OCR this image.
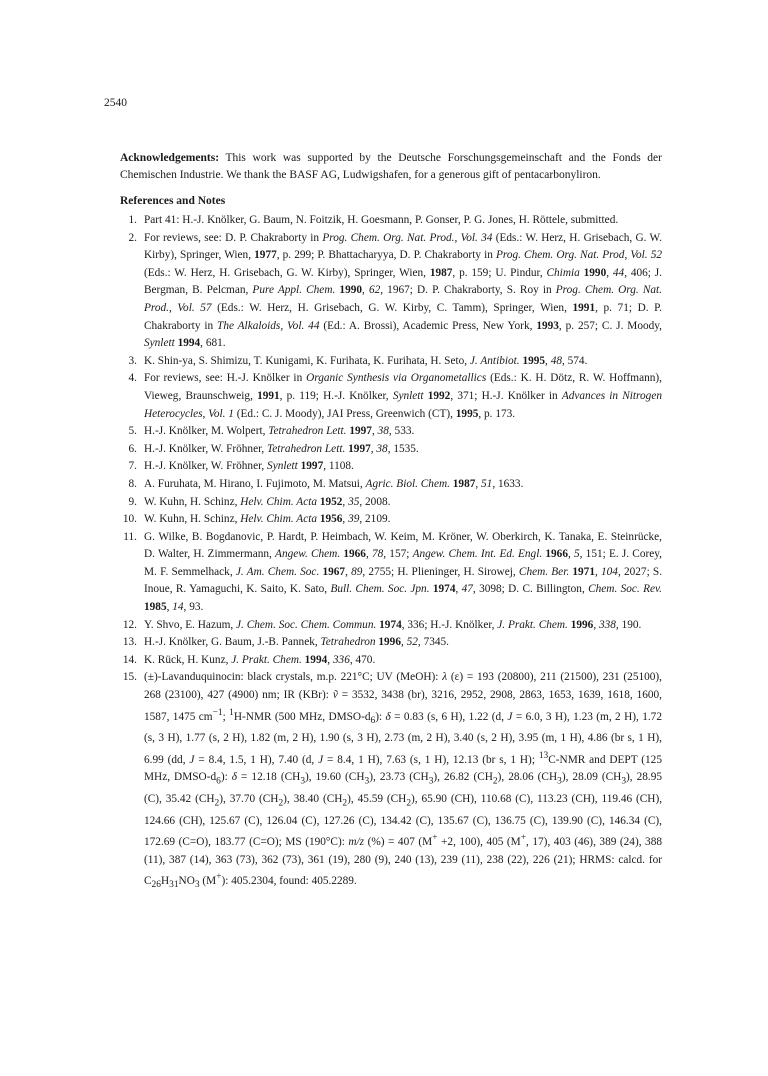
2540
Acknowledgements: This work was supported by the Deutsche Forschungsgemeinschaft and the Fonds der Chemischen Industrie. We thank the BASF AG, Ludwigshafen, for a generous gift of pentacarbonyliron.
References and Notes
1. Part 41: H.-J. Knölker, G. Baum, N. Foitzik, H. Goesmann, P. Gonser, P. G. Jones, H. Röttele, submitted.
2. For reviews, see: D. P. Chakraborty in Prog. Chem. Org. Nat. Prod., Vol. 34 (Eds.: W. Herz, H. Grisebach, G. W. Kirby), Springer, Wien, 1977, p. 299; P. Bhattacharyya, D. P. Chakraborty in Prog. Chem. Org. Nat. Prod, Vol. 52 (Eds.: W. Herz, H. Grisebach, G. W. Kirby), Springer, Wien, 1987, p. 159; U. Pindur, Chimia 1990, 44, 406; J. Bergman, B. Pelcman, Pure Appl. Chem. 1990, 62, 1967; D. P. Chakraborty, S. Roy in Prog. Chem. Org. Nat. Prod., Vol. 57 (Eds.: W. Herz, H. Grisebach, G. W. Kirby, C. Tamm), Springer, Wien, 1991, p. 71; D. P. Chakraborty in The Alkaloids, Vol. 44 (Ed.: A. Brossi), Academic Press, New York, 1993, p. 257; C. J. Moody, Synlett 1994, 681.
3. K. Shin-ya, S. Shimizu, T. Kunigami, K. Furihata, K. Furihata, H. Seto, J. Antibiot. 1995, 48, 574.
4. For reviews, see: H.-J. Knölker in Organic Synthesis via Organometallics (Eds.: K. H. Dötz, R. W. Hoffmann), Vieweg, Braunschweig, 1991, p. 119; H.-J. Knölker, Synlett 1992, 371; H.-J. Knölker in Advances in Nitrogen Heterocycles, Vol. 1 (Ed.: C. J. Moody), JAI Press, Greenwich (CT), 1995, p. 173.
5. H.-J. Knölker, M. Wolpert, Tetrahedron Lett. 1997, 38, 533.
6. H.-J. Knölker, W. Fröhner, Tetrahedron Lett. 1997, 38, 1535.
7. H.-J. Knölker, W. Fröhner, Synlett 1997, 1108.
8. A. Furuhata, M. Hirano, I. Fujimoto, M. Matsui, Agric. Biol. Chem. 1987, 51, 1633.
9. W. Kuhn, H. Schinz, Helv. Chim. Acta 1952, 35, 2008.
10. W. Kuhn, H. Schinz, Helv. Chim. Acta 1956, 39, 2109.
11. G. Wilke, B. Bogdanovic, P. Hardt, P. Heimbach, W. Keim, M. Kröner, W. Oberkirch, K. Tanaka, E. Steinrücke, D. Walter, H. Zimmermann, Angew. Chem. 1966, 78, 157; Angew. Chem. Int. Ed. Engl. 1966, 5, 151; E. J. Corey, M. F. Semmelhack, J. Am. Chem. Soc. 1967, 89, 2755; H. Plieninger, H. Sirowej, Chem. Ber. 1971, 104, 2027; S. Inoue, R. Yamaguchi, K. Saito, K. Sato, Bull. Chem. Soc. Jpn. 1974, 47, 3098; D. C. Billington, Chem. Soc. Rev. 1985, 14, 93.
12. Y. Shvo, E. Hazum, J. Chem. Soc. Chem. Commun. 1974, 336; H.-J. Knölker, J. Prakt. Chem. 1996, 338, 190.
13. H.-J. Knölker, G. Baum, J.-B. Pannek, Tetrahedron 1996, 52, 7345.
14. K. Rück, H. Kunz, J. Prakt. Chem. 1994, 336, 470.
15. (±)-Lavanduquinocin: black crystals, m.p. 221°C; UV (MeOH): λ (ε) = 193 (20800), 211 (21500), 231 (25100), 268 (23100), 427 (4900) nm; IR (KBr): ṽ = 3532, 3438 (br), 3216, 2952, 2908, 2863, 1653, 1639, 1618, 1600, 1587, 1475 $cm^{-1}$; $^1$H-NMR (500 MHz, DMSO-$d_6$): δ = 0.83 (s, 6 H), 1.22 (d, J = 6.0, 3 H), 1.23 (m, 2 H), 1.72 (s, 3 H), 1.77 (s, 2 H), 1.82 (m, 2 H), 1.90 (s, 3 H), 2.73 (m, 2 H), 3.40 (s, 2 H), 3.95 (m, 1 H), 4.86 (br s, 1 H), 6.99 (dd, J = 8.4, 1.5, 1 H), 7.40 (d, J = 8.4, 1 H), 7.63 (s, 1 H), 12.13 (br s, 1 H); $^{13}$C-NMR and DEPT (125 MHz, DMSO-$d_6$): δ = 12.18 $(CH_3)$, 19.60 $(CH_3)$, 23.73 $(CH_3)$, 26.82 $(CH_2)$, 28.06 $(CH_3)$, 28.09 $(CH_3)$, 28.95 (C), 35.42 $(CH_2)$, 37.70 $(CH_2)$, 38.40 $(CH_2)$, 45.59 $(CH_2)$, 65.90 (CH), 110.68 (C), 113.23 (CH), 119.46 (CH), 124.66 (CH), 125.67 (C), 126.04 (C), 127.26 (C), 134.42 (C), 135.67 (C), 136.75 (C), 139.90 (C), 146.34 (C), 172.69 (C=O), 183.77 (C=O); MS (190°C): m/z (%) = 407 (M+ +2, 100), 405 (M+, 17), 403 (46), 389 (24), 388 (11), 387 (14), 363 (73), 362 (73), 361 (19), 280 (9), 240 (13), 239 (11), 238 (22), 226 (21); HRMS: calcd. for $C_{26}H_{31}NO_3$ (M+): 405.2304, found: 405.2289.
